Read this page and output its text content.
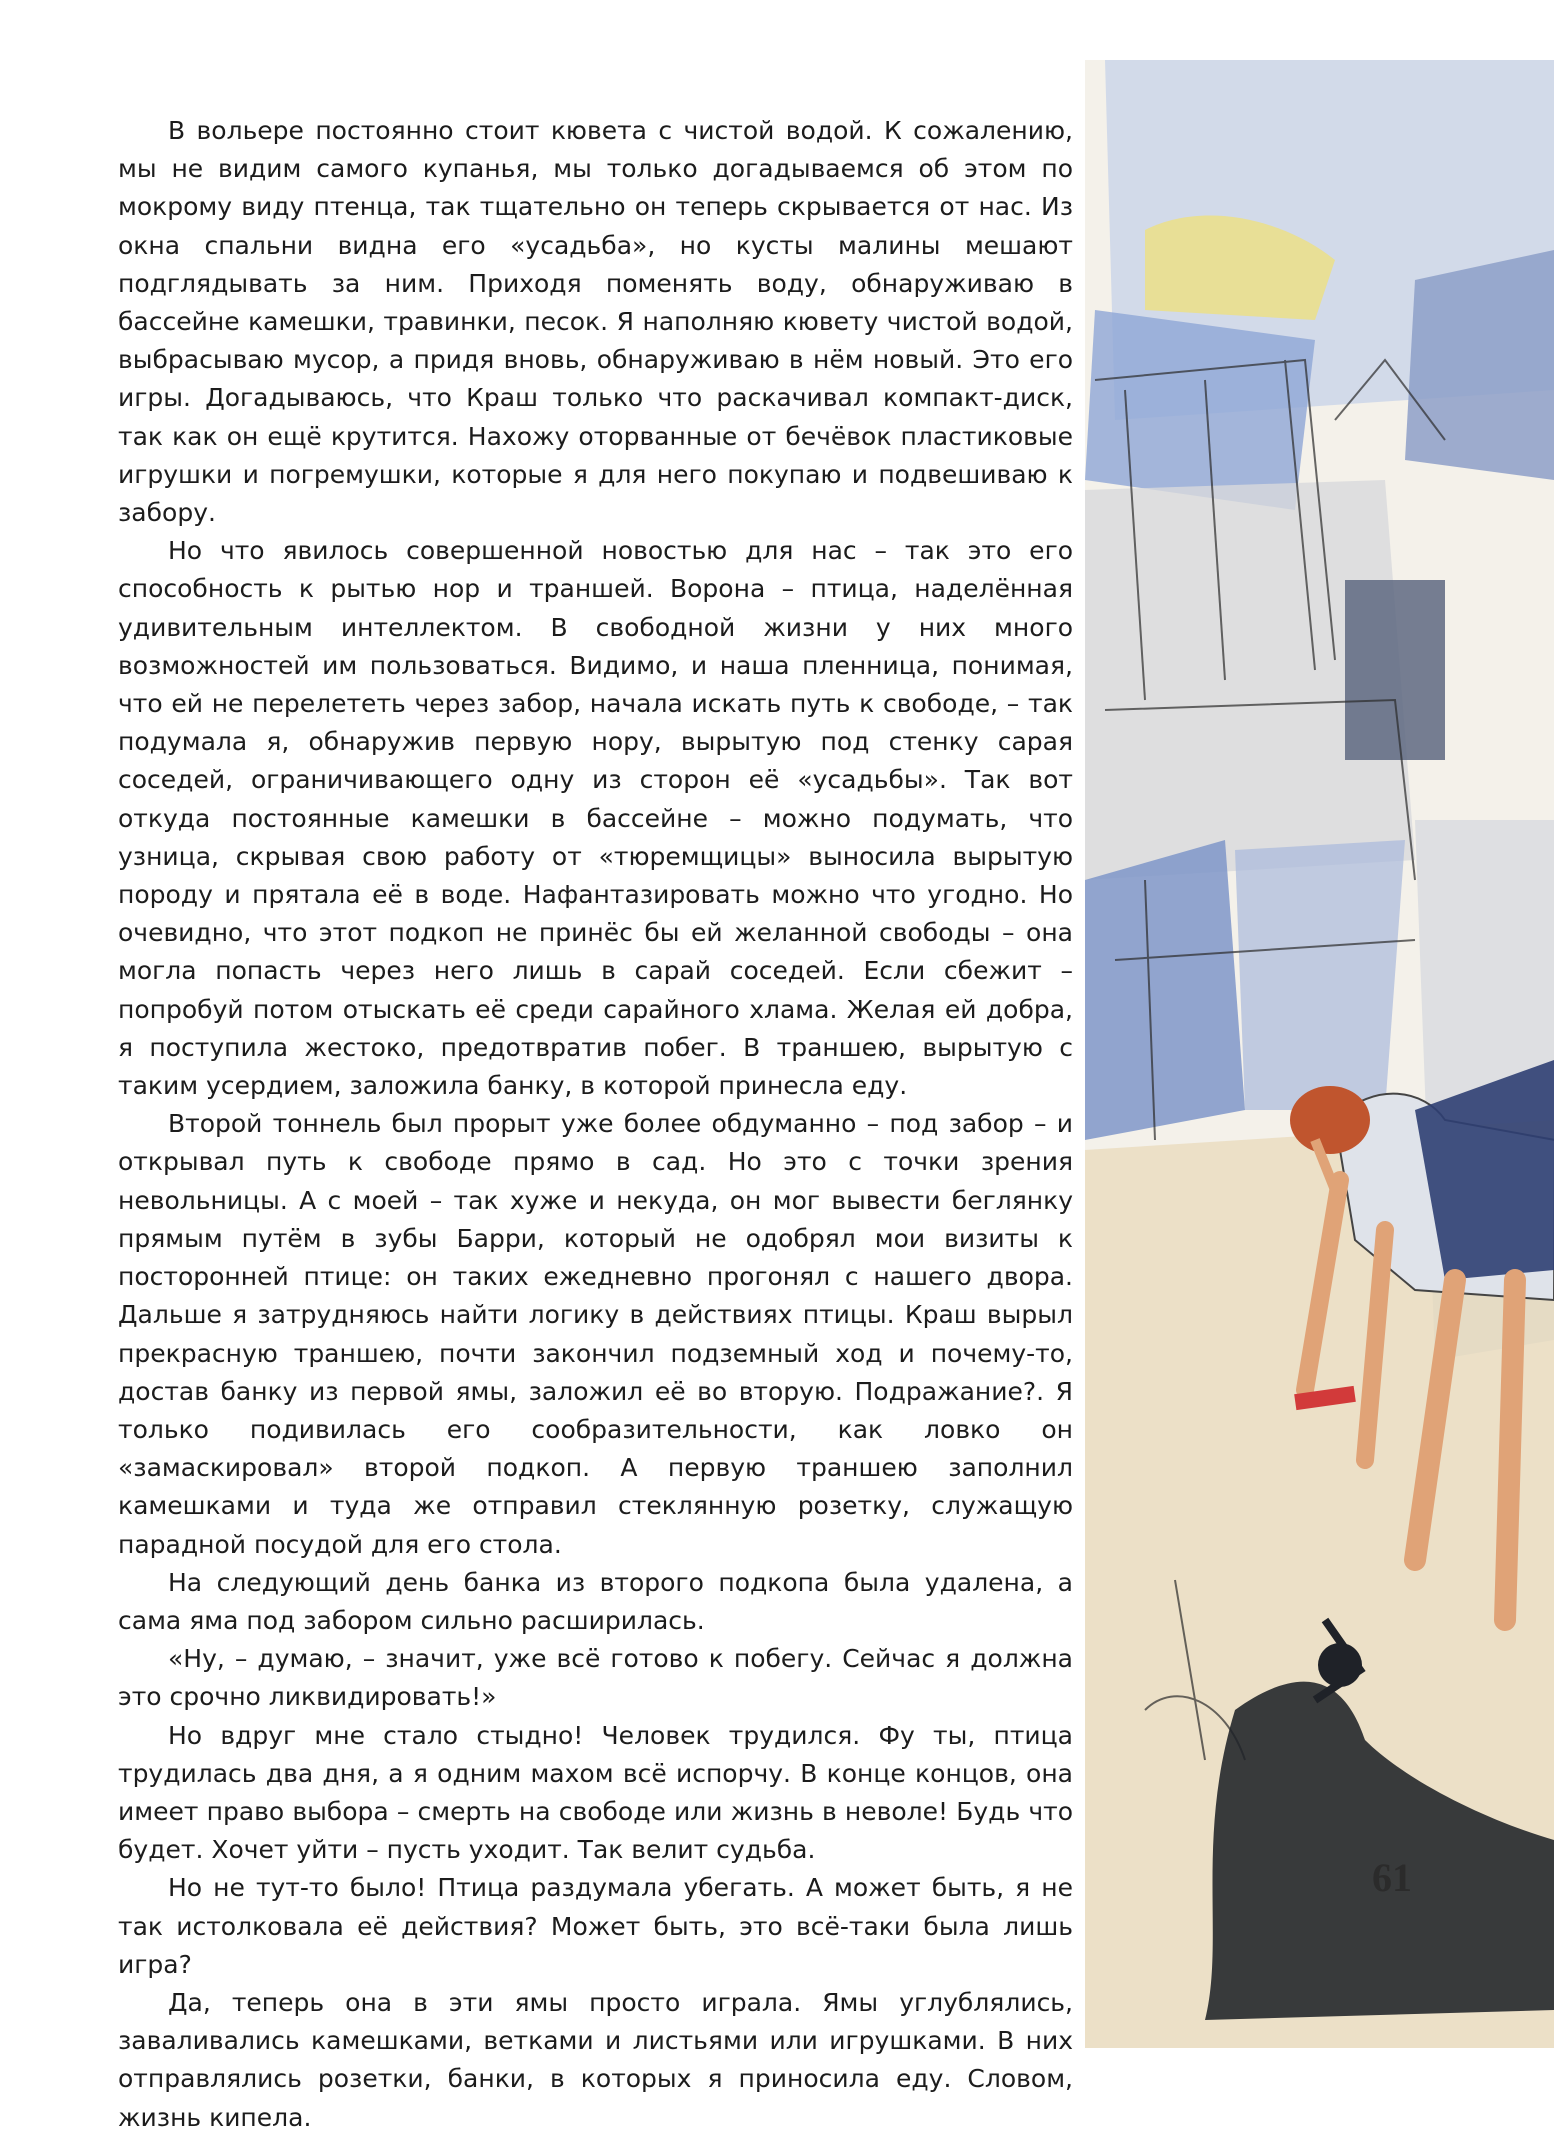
В вольере постоянно стоит кювета с чистой водой. К сожалению, мы не видим самого купанья, мы только догадываемся об этом по мокрому виду птенца, так тщательно он теперь скрывается от нас. Из окна спальни видна его «усадьба», но кусты малины мешают подглядывать за ним. Приходя поменять воду, обнаруживаю в бассейне камешки, травинки, песок. Я наполняю кювету чистой водой, выбрасываю мусор, а придя вновь, обнаруживаю в нём новый. Это его игры. Догадываюсь, что Краш только что раскачивал компакт-диск, так как он ещё крутится. Нахожу оторванные от бечёвок пластиковые игрушки и погремушки, которые я для него покупаю и подвешиваю к забору.

Но что явилось совершенной новостью для нас – так это его способность к рытью нор и траншей. Ворона – птица, наделённая удивительным интеллектом. В свободной жизни у них много возможностей им пользоваться. Видимо, и наша пленница, понимая, что ей не перелететь через забор, начала искать путь к свободе, – так подумала я, обнаружив первую нору, вырытую под стенку сарая соседей, ограничивающего одну из сторон её «усадьбы». Так вот откуда постоянные камешки в бассейне – можно подумать, что узница, скрывая свою работу от «тюремщицы» выносила вырытую породу и прятала её в воде. Нафантазировать можно что угодно. Но очевидно, что этот подкоп не принёс бы ей желанной свободы – она могла попасть через него лишь в сарай соседей. Если сбежит – попробуй потом отыскать её среди сарайного хлама. Желая ей добра, я поступила жестоко, предотвратив побег. В траншею, вырытую с таким усердием, заложила банку, в которой принесла еду.

Второй тоннель был прорыт уже более обдуманно – под забор – и открывал путь к свободе прямо в сад. Но это с точки зрения невольницы. А с моей – так хуже и некуда, он мог вывести беглянку прямым путём в зубы Барри, который не одобрял мои визиты к посторонней птице: он таких ежедневно прогонял с нашего двора. Дальше я затрудняюсь найти логику в действиях птицы. Краш вырыл прекрасную траншею, почти закончил подземный ход и почему-то, достав банку из первой ямы, заложил её во вторую. Подражание?. Я только подивилась его сообразительности, как ловко он «замаскировал» второй подкоп. А первую траншею заполнил камешками и туда же отправил стеклянную розетку, служащую парадной посудой для его стола.

На следующий день банка из второго подкопа была удалена, а сама яма под забором сильно расширилась.

«Ну, – думаю, – значит, уже всё готово к побегу. Сейчас я должна это срочно ликвидировать!»

Но вдруг мне стало стыдно! Человек трудился. Фу ты, птица трудилась два дня, а я одним махом всё испорчу. В конце концов, она имеет право выбора – смерть на свободе или жизнь в неволе! Будь что будет. Хочет уйти – пусть уходит. Так велит судьба.

Но не тут-то было! Птица раздумала убегать. А может быть, я не так истолковала её действия? Может быть, это всё-таки была лишь игра?

Да, теперь она в эти ямы просто играла. Ямы углублялись, заваливались камешками, ветками и листьями или игрушками. В них отправлялись розетки, банки, в которых я приносила еду. Словом, жизнь кипела.

61
